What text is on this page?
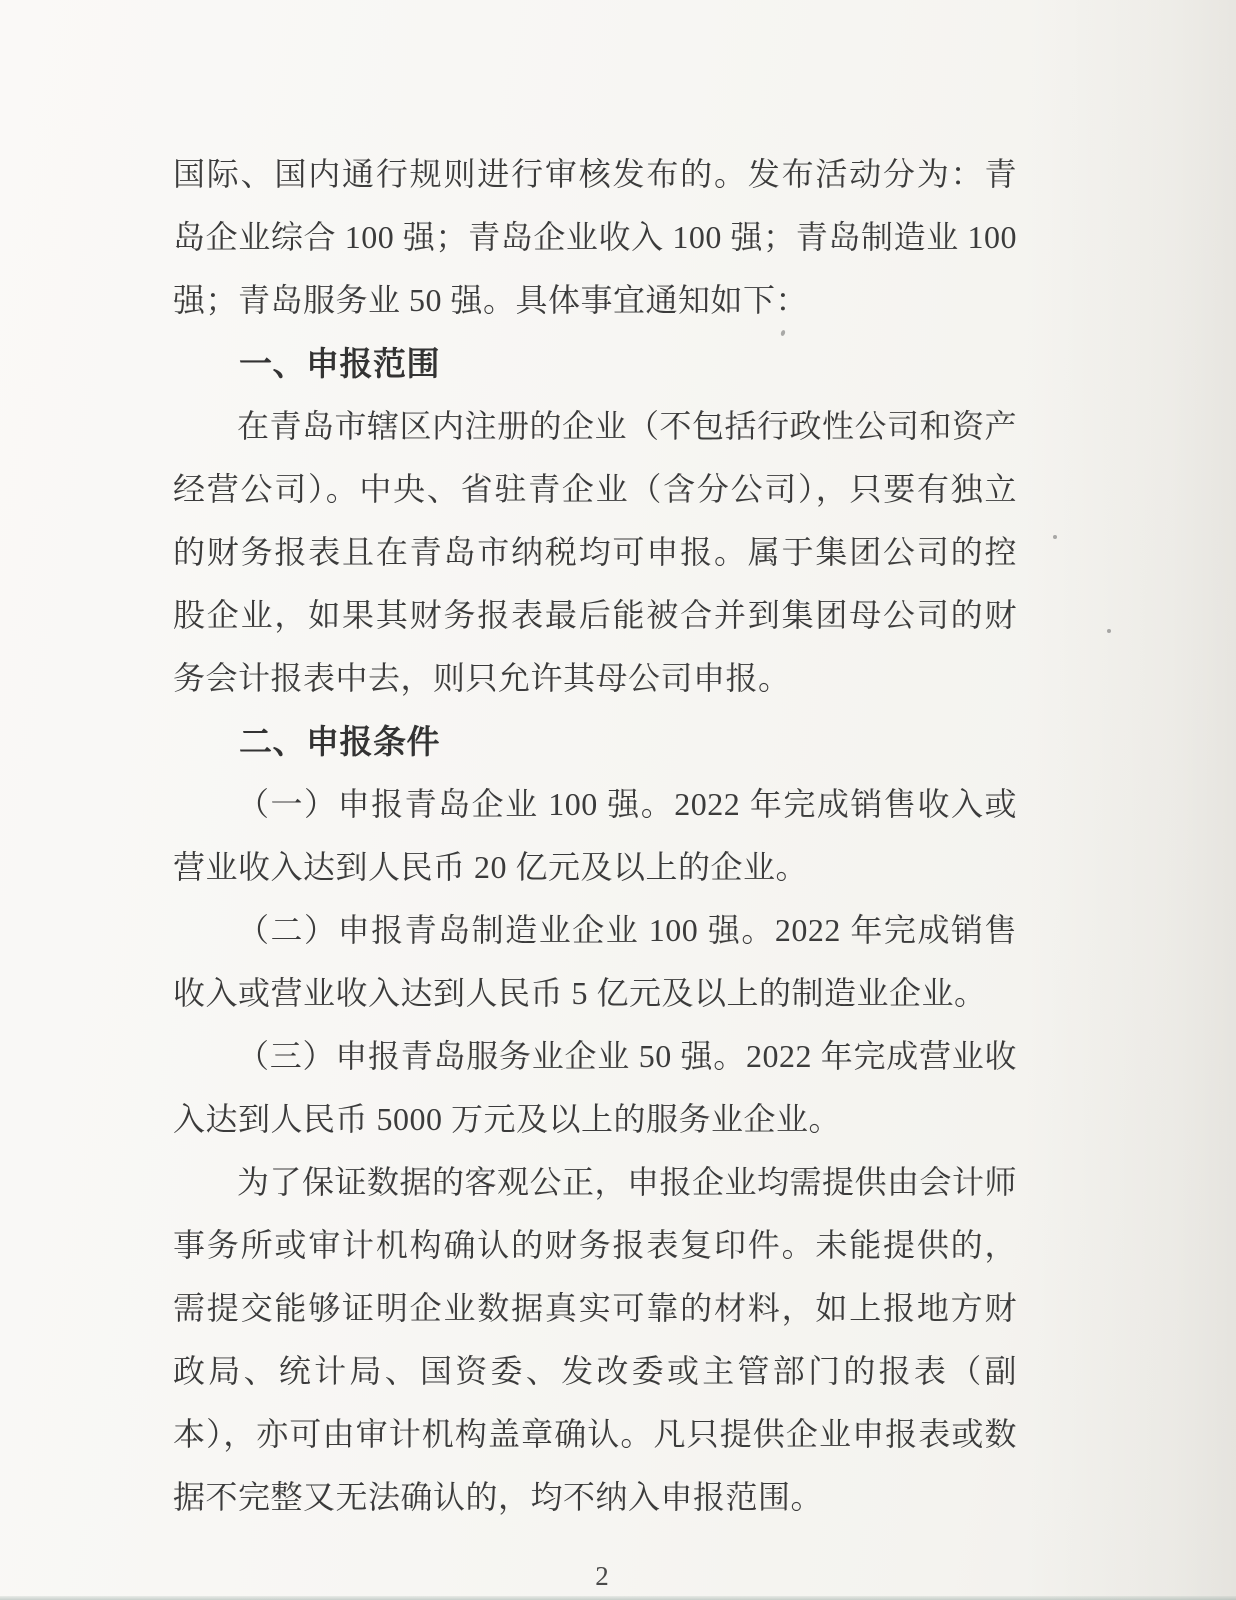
国际、国内通行规则进行审核发布的。发布活动分为：青岛企业综合 100 强；青岛企业收入 100 强；青岛制造业 100 强；青岛服务业 50 强。具体事宜通知如下：

一、申报范围

在青岛市辖区内注册的企业（不包括行政性公司和资产经营公司）。中央、省驻青企业（含分公司），只要有独立的财务报表且在青岛市纳税均可申报。属于集团公司的控股企业，如果其财务报表最后能被合并到集团母公司的财务会计报表中去，则只允许其母公司申报。

二、申报条件

（一）申报青岛企业 100 强。2022 年完成销售收入或营业收入达到人民币 20 亿元及以上的企业。

（二）申报青岛制造业企业 100 强。2022 年完成销售收入或营业收入达到人民币 5 亿元及以上的制造业企业。

（三）申报青岛服务业企业 50 强。2022 年完成营业收入达到人民币 5000 万元及以上的服务业企业。

为了保证数据的客观公正，申报企业均需提供由会计师事务所或审计机构确认的财务报表复印件。未能提供的，需提交能够证明企业数据真实可靠的材料，如上报地方财政局、统计局、国资委、发改委或主管部门的报表（副本），亦可由审计机构盖章确认。凡只提供企业申报表或数据不完整又无法确认的，均不纳入申报范围。

2
